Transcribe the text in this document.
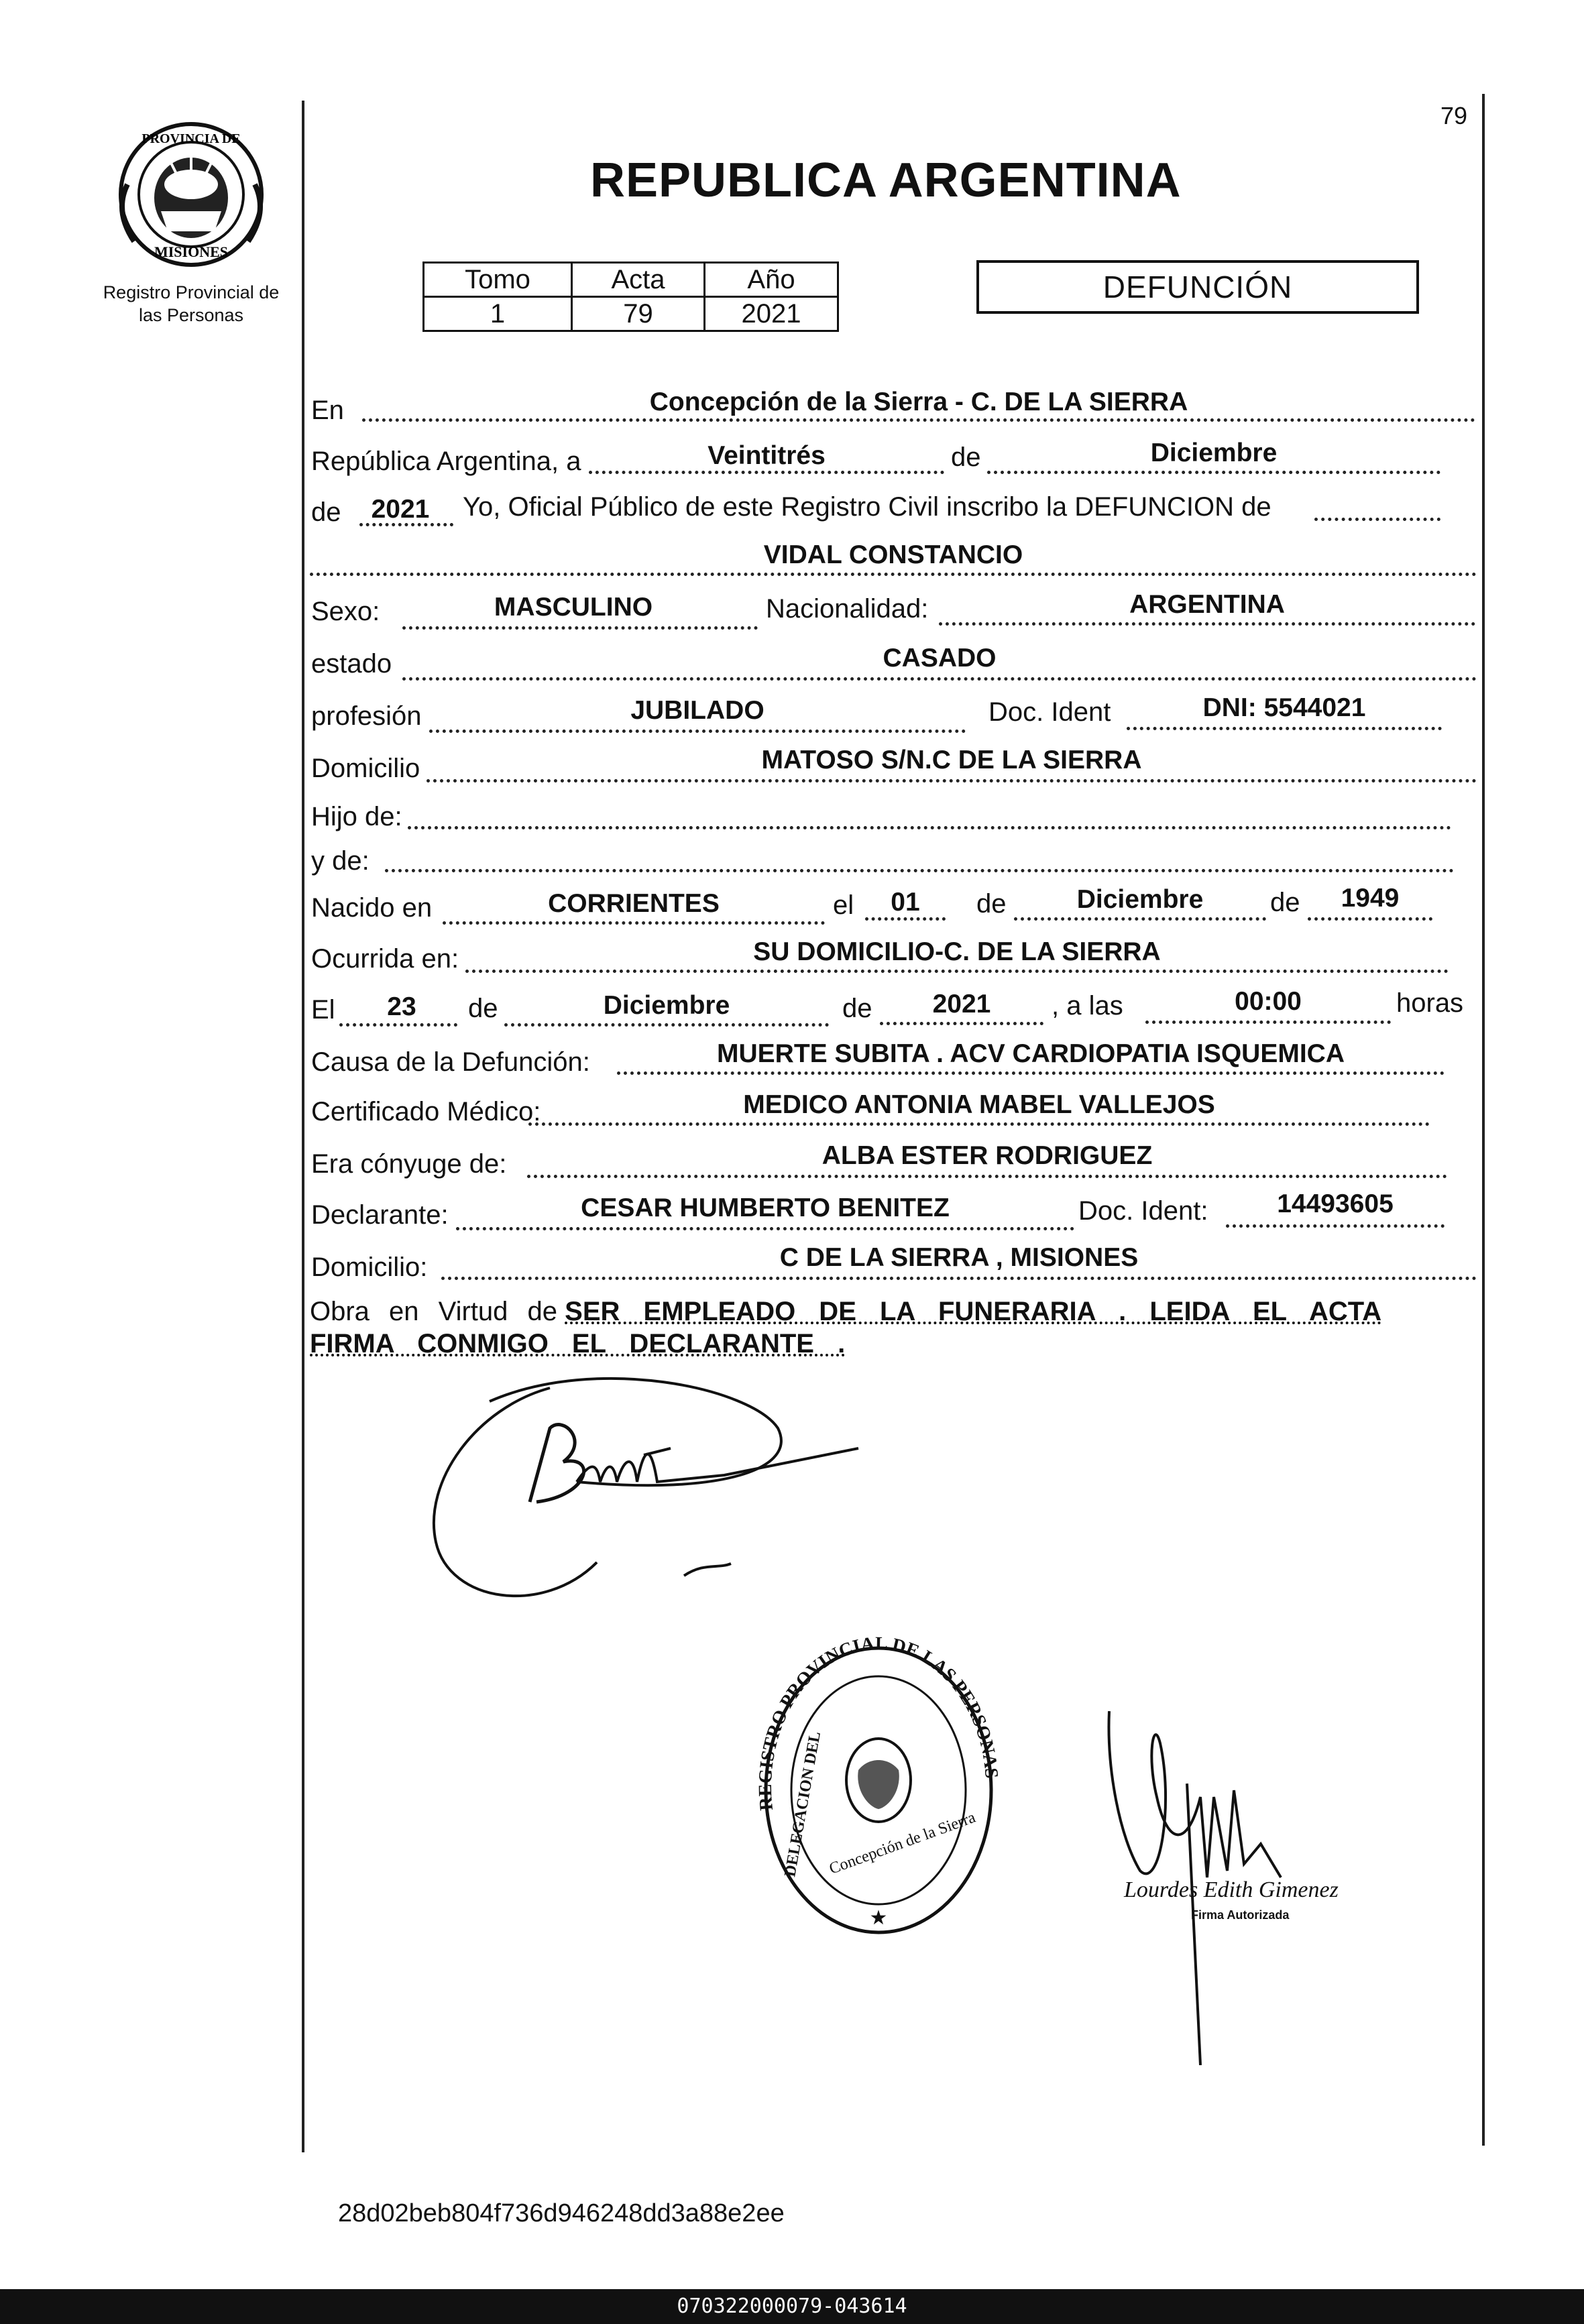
79
PROVINCIA DE
MISIONES
Registro Provincial de
las Personas
REPUBLICA ARGENTINA
Tomo	Acta	Año
1	79	2021
DEFUNCIÓN
En	Concepción de la Sierra - C. DE LA SIERRA
República Argentina, a	Veintitrés	de	Diciembre
de	2021	Yo, Oficial Público de este Registro Civil inscribo la DEFUNCION de
VIDAL CONSTANCIO
Sexo:	MASCULINO	Nacionalidad:	ARGENTINA
estado	CASADO
profesión	JUBILADO	Doc. Ident	DNI: 5544021
Domicilio	MATOSO S/N.C DE LA SIERRA
Hijo de:
y de:
Nacido en	CORRIENTES	el	01	de	Diciembre	de	1949
Ocurrida en:	SU DOMICILIO-C. DE LA SIERRA
El	23	de	Diciembre	de	2021	, a las	00:00	horas
Causa de la Defunción:	MUERTE SUBITA . ACV CARDIOPATIA ISQUEMICA
Certificado Médico:	MEDICO ANTONIA MABEL VALLEJOS
Era cónyuge de:	ALBA ESTER RODRIGUEZ
Declarante:	CESAR HUMBERTO BENITEZ	Doc. Ident:	14493605
Domicilio:	C DE LA SIERRA , MISIONES
Obra en Virtud de SER EMPLEADO DE LA FUNERARIA . LEIDA EL ACTA FIRMA CONMIGO EL DECLARANTE .
ISTRO PROVINCIAL DE LAS PERSONA
DELEGACION DEL Concepción de la Sierra
★
Lourdes Edith Gimenez
Firma Autorizada
28d02beb804f736d946248dd3a88e2ee
070322000079-043614
